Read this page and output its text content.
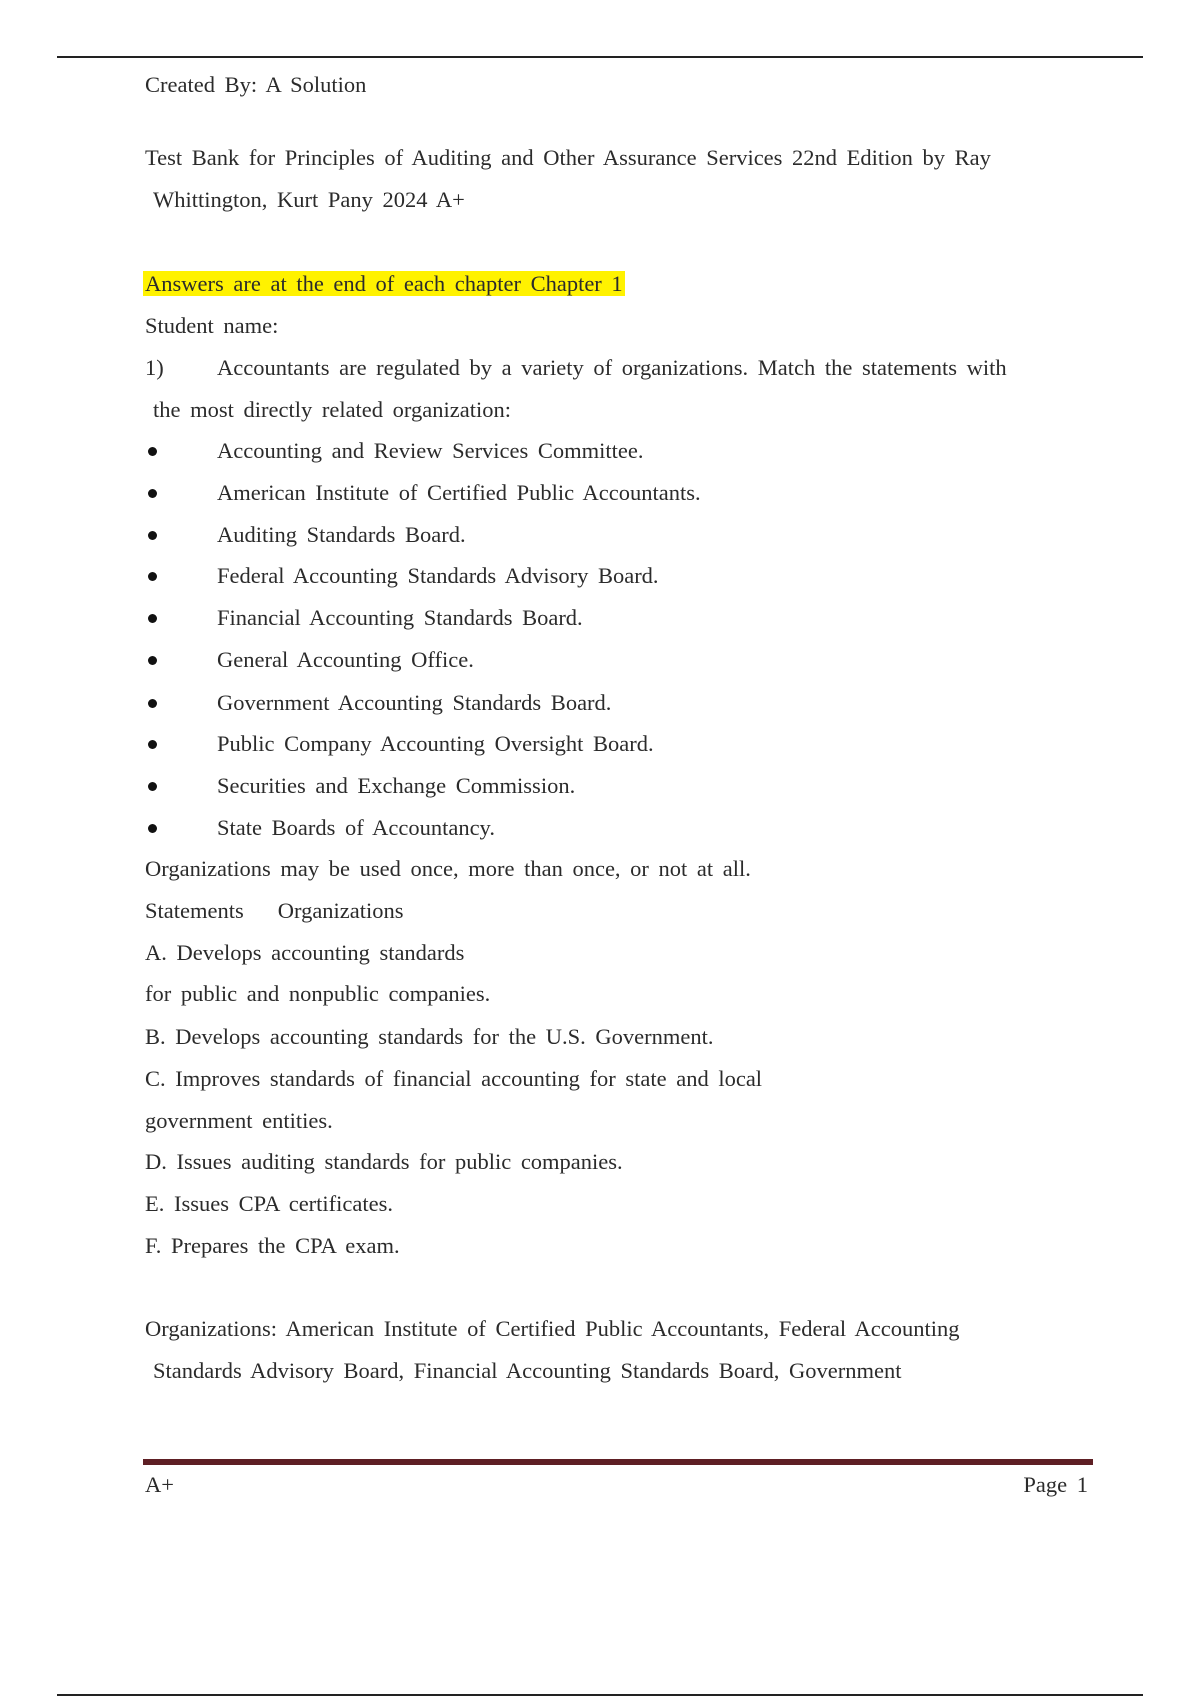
Created By: A Solution
Test Bank for Principles of Auditing and Other Assurance Services 22nd Edition by Ray
Whittington, Kurt Pany 2024 A+
Answers are at the end of each chapter Chapter 1
Student name:
1) Accountants are regulated by a variety of organizations. Match the statements with
the most directly related organization:
Accounting and Review Services Committee.
American Institute of Certified Public Accountants.
Auditing Standards Board.
Federal Accounting Standards Advisory Board.
Financial Accounting Standards Board.
General Accounting Office.
Government Accounting Standards Board.
Public Company Accounting Oversight Board.
Securities and Exchange Commission.
State Boards of Accountancy.
Organizations may be used once, more than once, or not at all.
Statements Organizations
A. Develops accounting standards
for public and nonpublic companies.
B. Develops accounting standards for the U.S. Government.
C. Improves standards of financial accounting for state and local
government entities.
D. Issues auditing standards for public companies.
E. Issues CPA certificates.
F. Prepares the CPA exam.
Organizations: American Institute of Certified Public Accountants, Federal Accounting
Standards Advisory Board, Financial Accounting Standards Board, Government
A+	Page 1
